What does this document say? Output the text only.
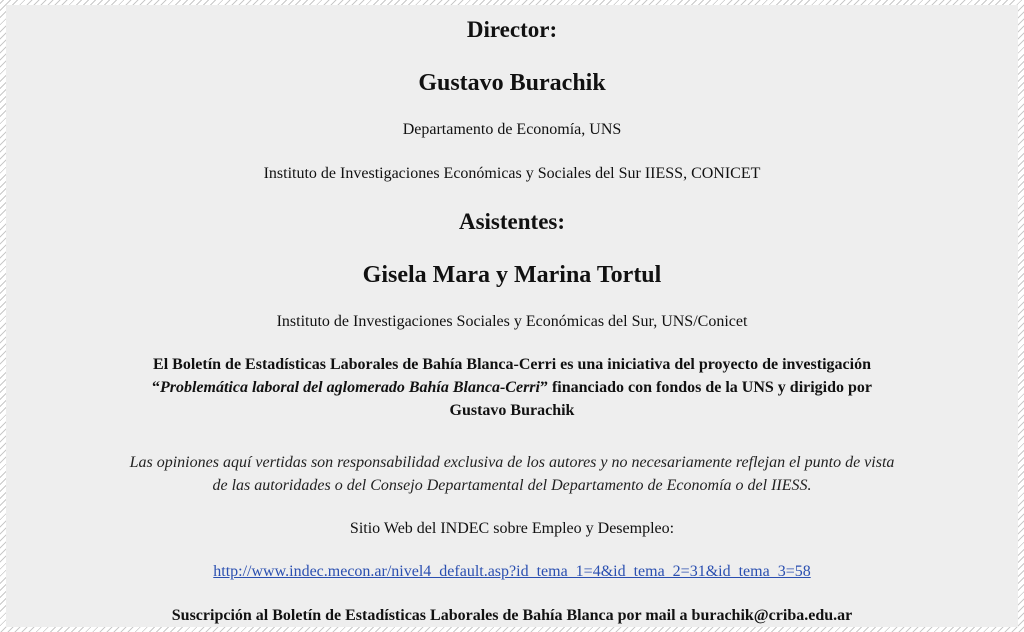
Director:
Gustavo Burachik
Departamento de Economía, UNS
Instituto de Investigaciones Económicas y Sociales del Sur IIESS, CONICET
Asistentes:
Gisela Mara y Marina Tortul
Instituto de Investigaciones Sociales y Económicas del Sur, UNS/Conicet
El Boletín de Estadísticas Laborales de Bahía Blanca-Cerri es una iniciativa del proyecto de investigación
“Problemática laboral del aglomerado Bahía Blanca-Cerri” financiado con fondos de la UNS y dirigido por
Gustavo Burachik
Las opiniones aquí vertidas son responsabilidad exclusiva de los autores y no necesariamente reflejan el punto de vista
de las autoridades o del Consejo Departamental del Departamento de Economía o del IIESS.
Sitio Web del INDEC sobre Empleo y Desempleo:
http://www.indec.mecon.ar/nivel4_default.asp?id_tema_1=4&id_tema_2=31&id_tema_3=58
Suscripción al Boletín de Estadísticas Laborales de Bahía Blanca por mail a burachik@criba.edu.ar
